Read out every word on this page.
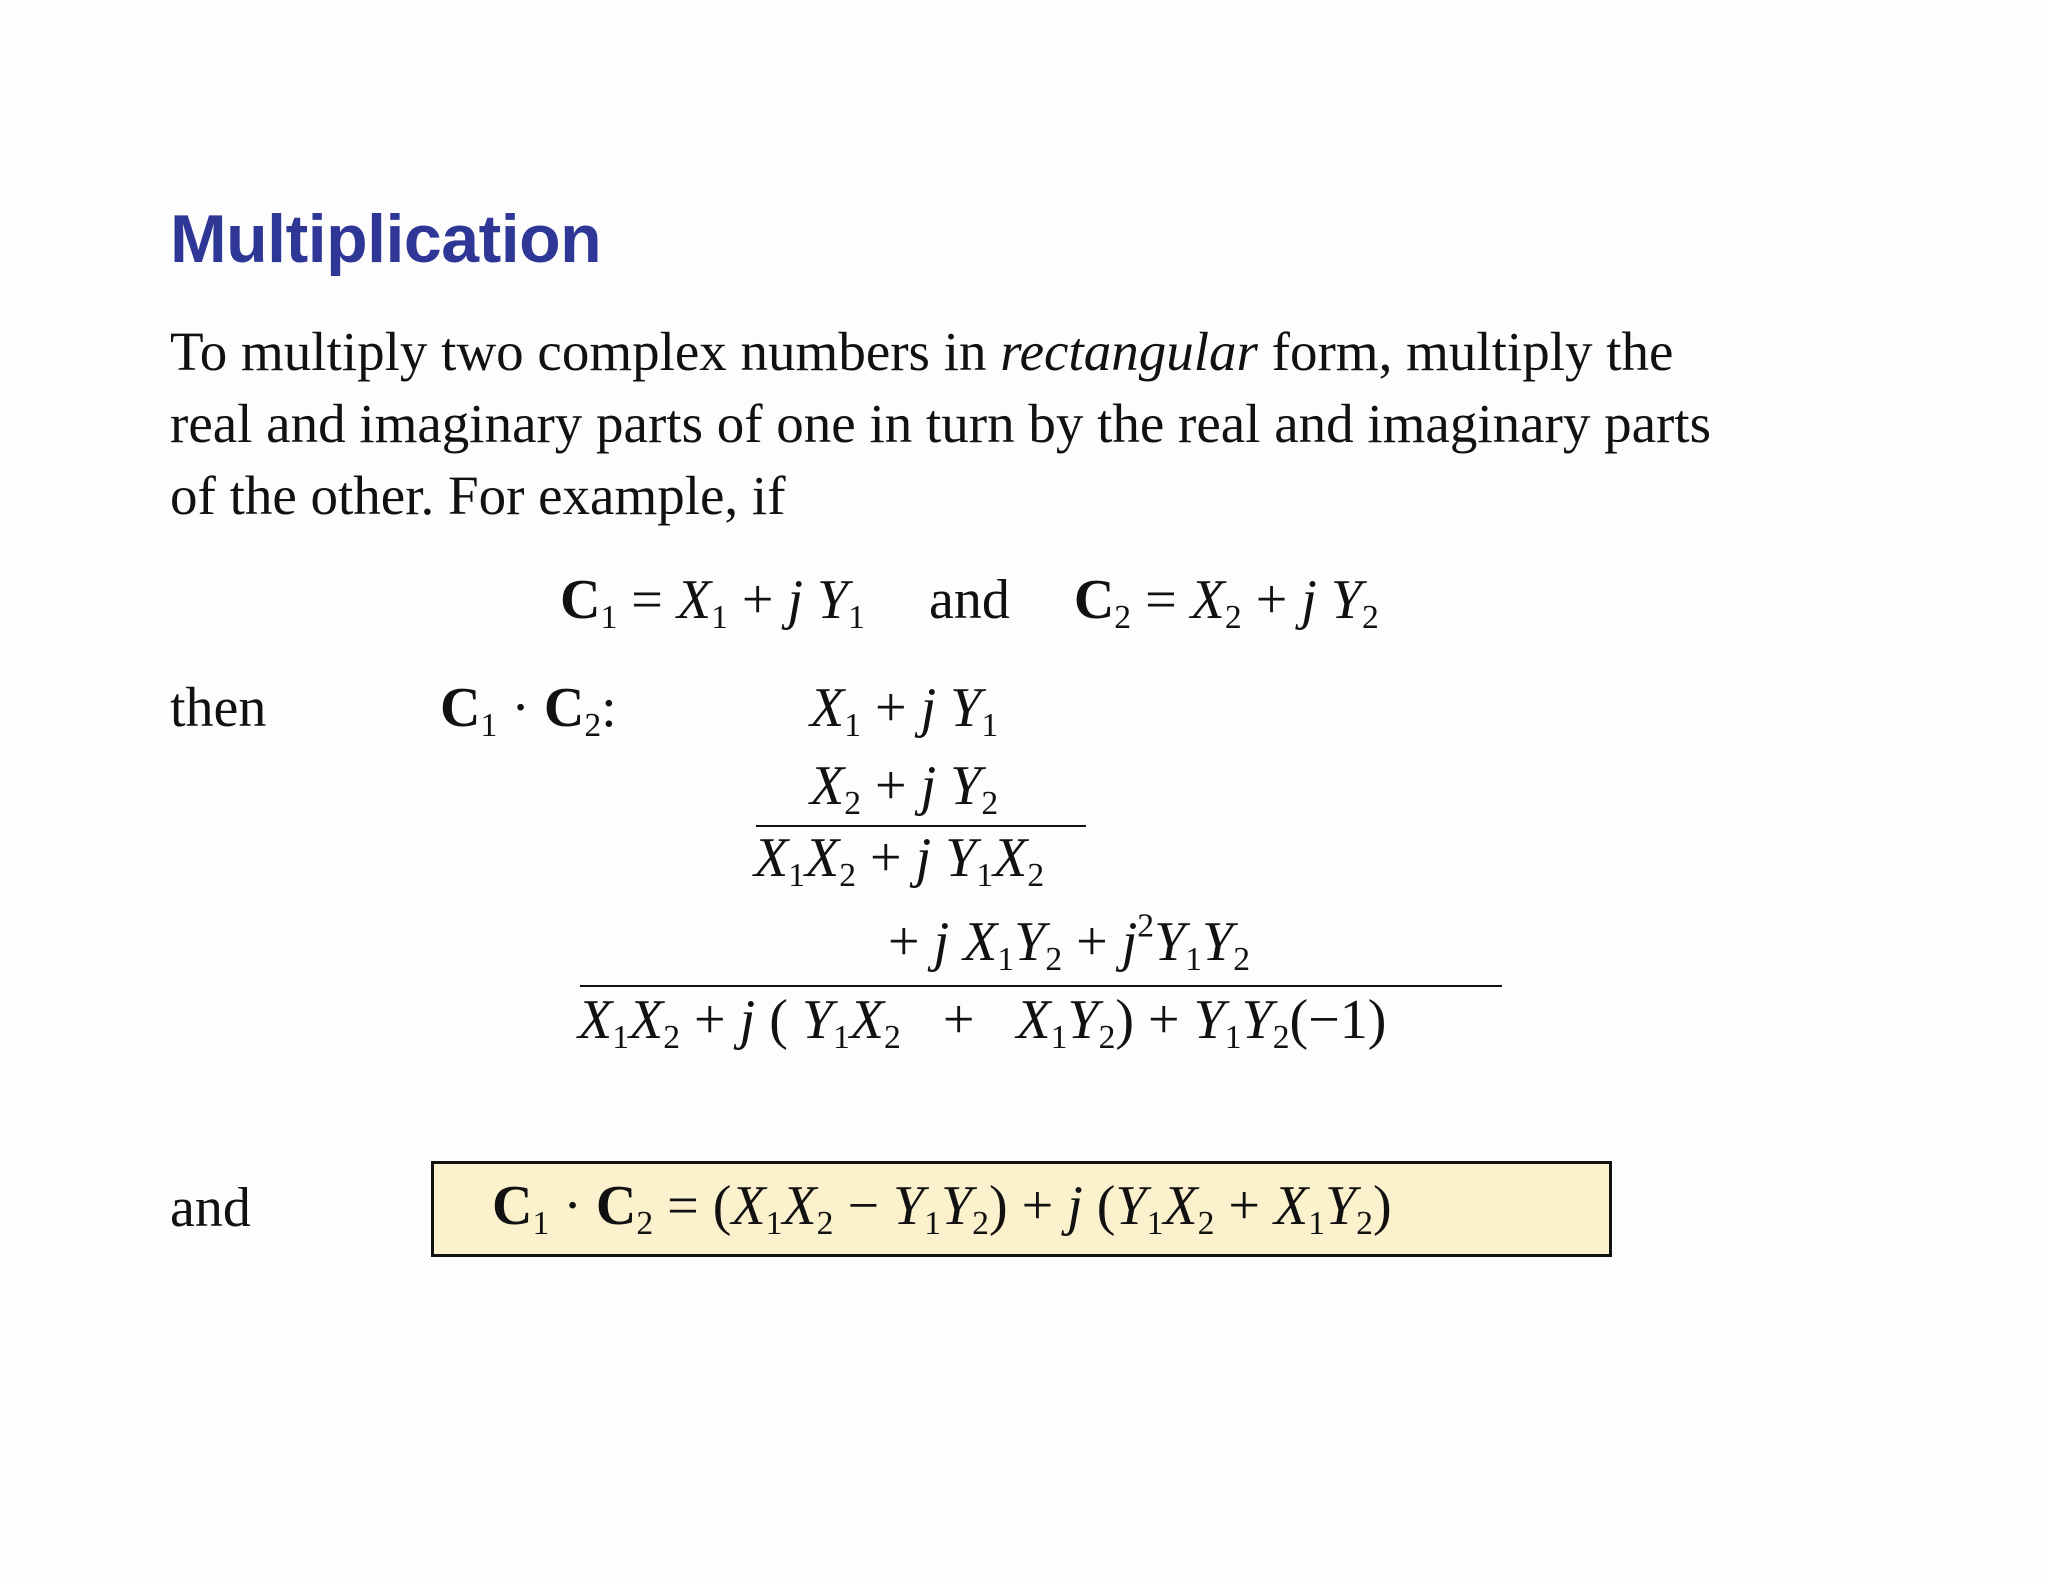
Multiplication
To multiply two complex numbers in rectangular form, multiply the
real and imaginary parts of one in turn by the real and imaginary parts
of the other. For example, if
$C_1 = X_1 + j$ $Y_1$ and $C_2 = X_2 + j$ $Y_2$
then	$C_1 \cdot C_2$:	$X_1 + j$ $Y_1$
$X_2 + j$ $Y_2$
$X_1X_2 + j$ $Y_1X_2$
+ j $X_1Y_2 + j^2Y_1Y_2$
$X_1X_2 + j$ ( $Y_1X_2 + X_1Y_2) + Y_1Y_2(-1)$
and	$C_1 \cdot C_2 = (X_1X_2 - Y_1Y_2) + j$ $(Y_1X_2 + X_1Y_2)$
